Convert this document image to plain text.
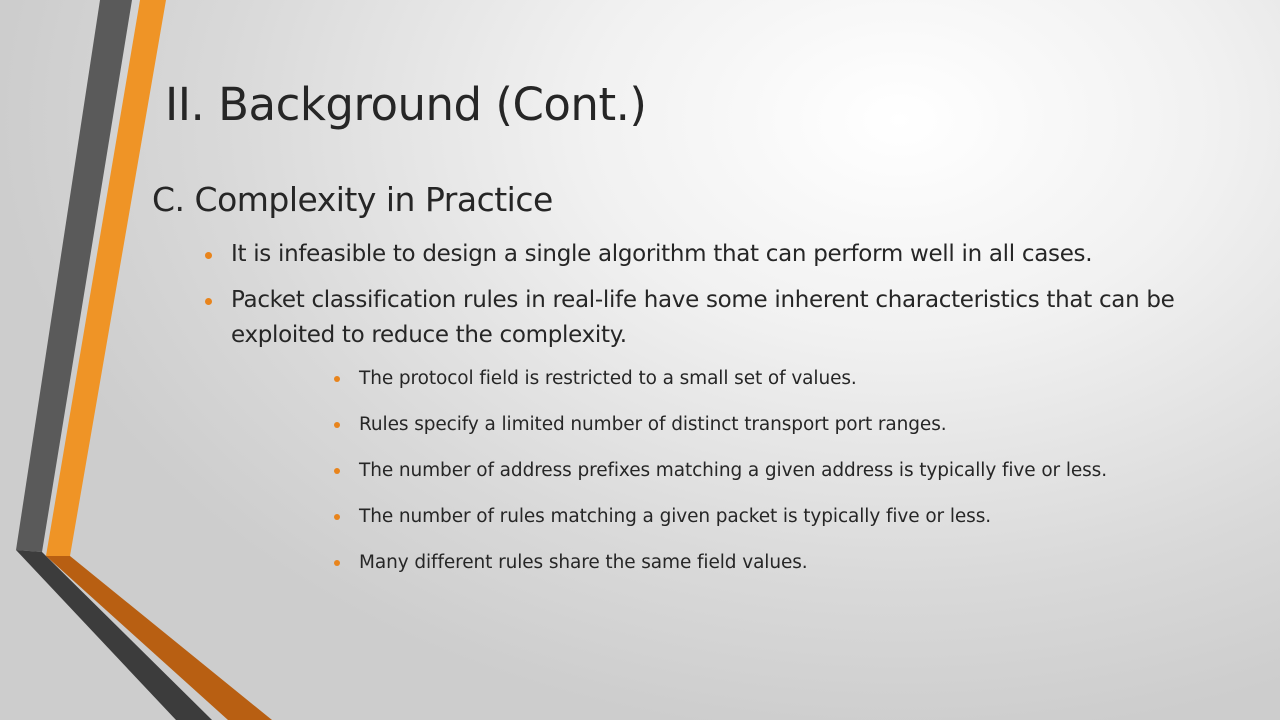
II. Background (Cont.)
C. Complexity in Practice
It is infeasible to design a single algorithm that can perform well in all cases.
Packet classification rules in real-life have some inherent characteristics that can be exploited to reduce the complexity.
The protocol field is restricted to a small set of values.
Rules specify a limited number of distinct transport port ranges.
The number of address prefixes matching a given address is typically five or less.
The number of rules matching a given packet is typically five or less.
Many different rules share the same field values.
